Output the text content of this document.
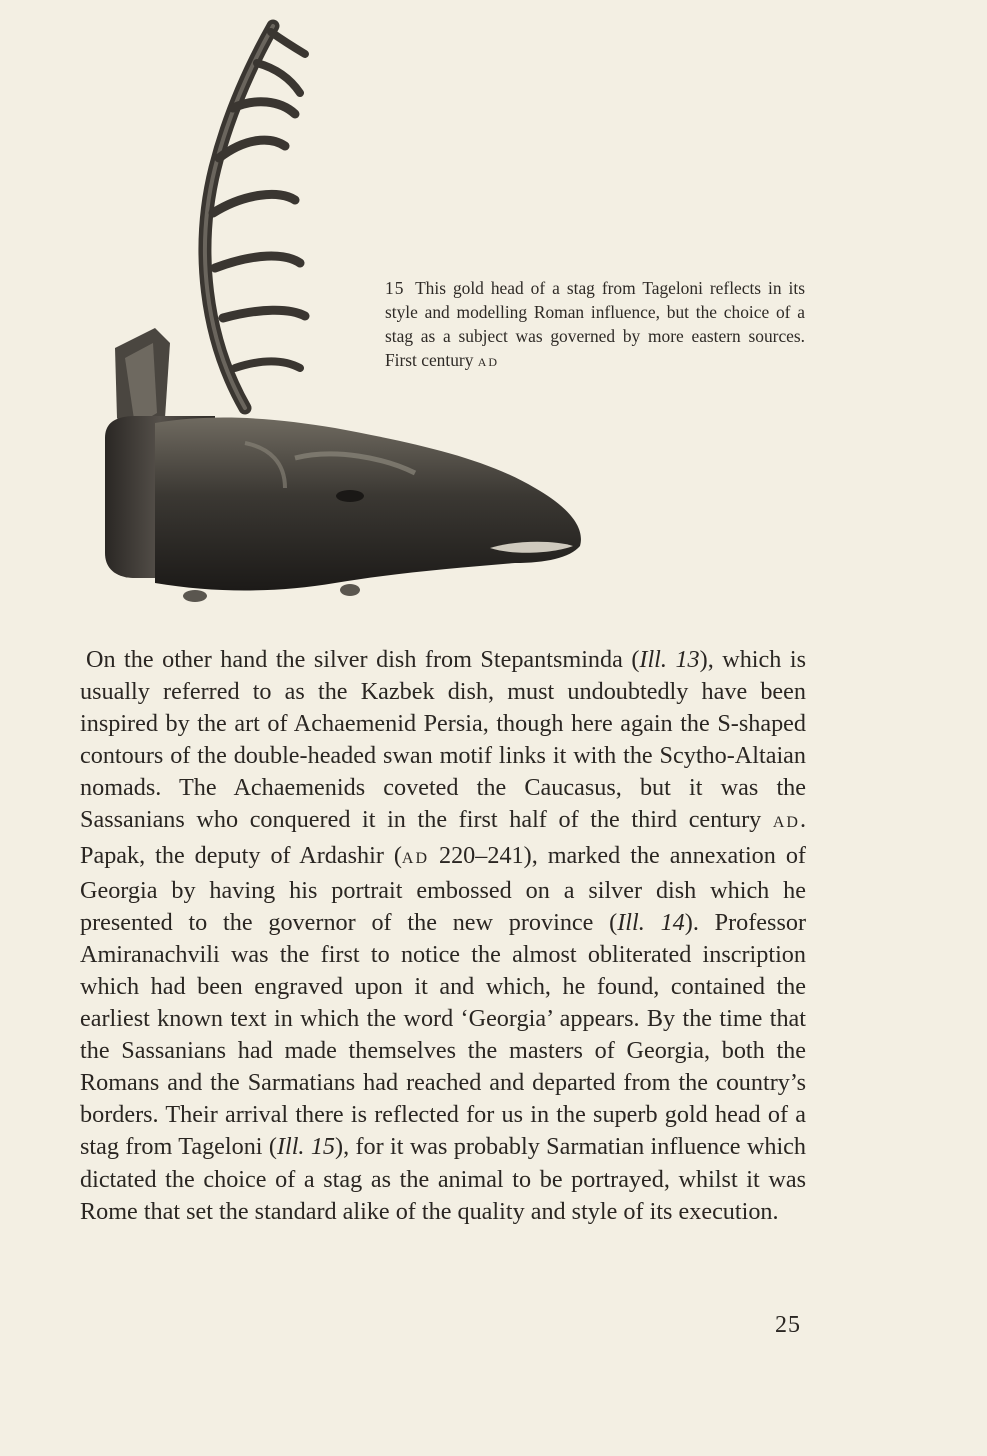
15 This gold head of a stag from Tageloni reflects in its style and modelling Roman influence, but the choice of a stag as a subject was governed by more eastern sources. First century AD

On the other hand the silver dish from Stepantsminda (Ill. 13), which is usually referred to as the Kazbek dish, must undoubtedly have been inspired by the art of Achaemenid Persia, though here again the S-shaped contours of the double-headed swan motif links it with the Scytho-Altaian nomads. The Achaemenids coveted the Caucasus, but it was the Sassanians who conquered it in the first half of the third century AD. Papak, the deputy of Ardashir (AD 220–241), marked the annexation of Georgia by having his portrait embossed on a silver dish which he presented to the governor of the new province (Ill. 14). Professor Amiranachvili was the first to notice the almost obliterated inscription which had been engraved upon it and which, he found, contained the earliest known text in which the word ‘Georgia’ appears. By the time that the Sassanians had made themselves the masters of Georgia, both the Romans and the Sarmatians had reached and departed from the country’s borders. Their arrival there is reflected for us in the superb gold head of a stag from Tageloni (Ill. 15), for it was probably Sarmatian influence which dictated the choice of a stag as the animal to be portrayed, whilst it was Rome that set the standard alike of the quality and style of its execution.

25
